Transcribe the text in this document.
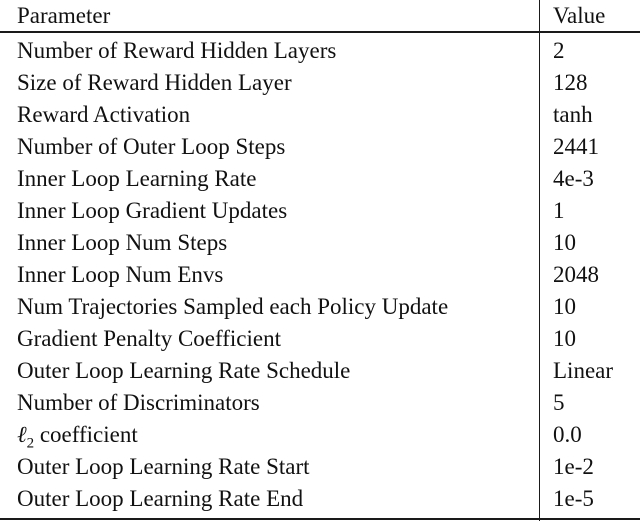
Parameter	Value
Number of Reward Hidden Layers	2
Size of Reward Hidden Layer	128
Reward Activation	tanh
Number of Outer Loop Steps	2441
Inner Loop Learning Rate	4e-3
Inner Loop Gradient Updates	1
Inner Loop Num Steps	10
Inner Loop Num Envs	2048
Num Trajectories Sampled each Policy Update	10
Gradient Penalty Coefficient	10
Outer Loop Learning Rate Schedule	Linear
Number of Discriminators	5
ℓ$_2$ coefficient	0.0
Outer Loop Learning Rate Start	1e-2
Outer Loop Learning Rate End	1e-5
